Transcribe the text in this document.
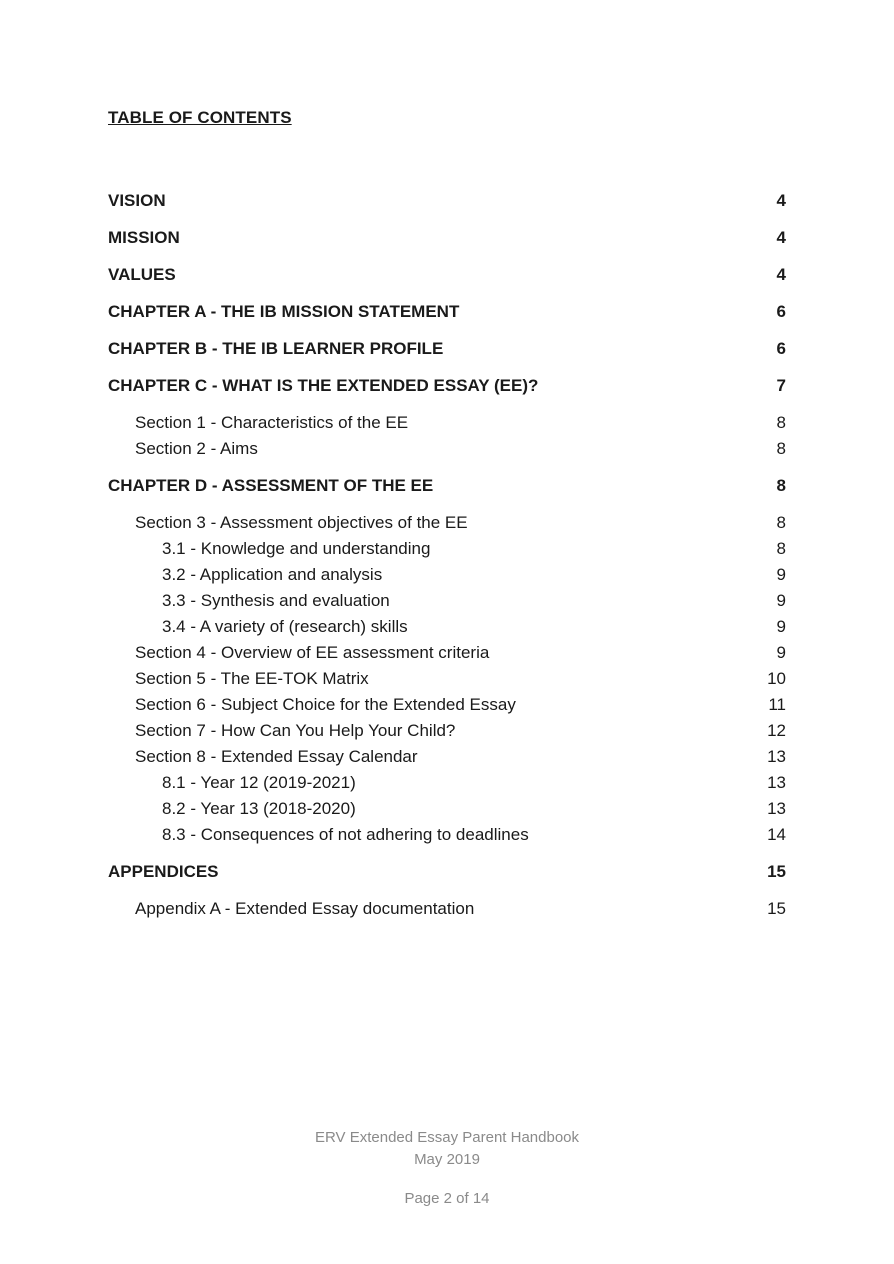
TABLE OF CONTENTS
VISION	4
MISSION	4
VALUES	4
CHAPTER A - THE IB MISSION STATEMENT	6
CHAPTER B - THE IB LEARNER PROFILE	6
CHAPTER C - WHAT IS THE EXTENDED ESSAY (EE)?	7
Section 1 - Characteristics of the EE	8
Section 2 - Aims	8
CHAPTER D - ASSESSMENT OF THE EE	8
Section 3 - Assessment objectives of the EE	8
3.1 - Knowledge and understanding	8
3.2 - Application and analysis	9
3.3 - Synthesis and evaluation	9
3.4 - A variety of (research) skills	9
Section 4 - Overview of EE assessment criteria	9
Section 5 - The EE-TOK Matrix	10
Section 6 - Subject Choice for the Extended Essay	11
Section 7 - How Can You Help Your Child?	12
Section 8 - Extended Essay Calendar	13
8.1 - Year 12 (2019-2021)	13
8.2 - Year 13 (2018-2020)	13
8.3 - Consequences of not adhering to deadlines	14
APPENDICES	15
Appendix A - Extended Essay documentation	15
ERV Extended Essay Parent Handbook
May 2019
Page 2 of 14
